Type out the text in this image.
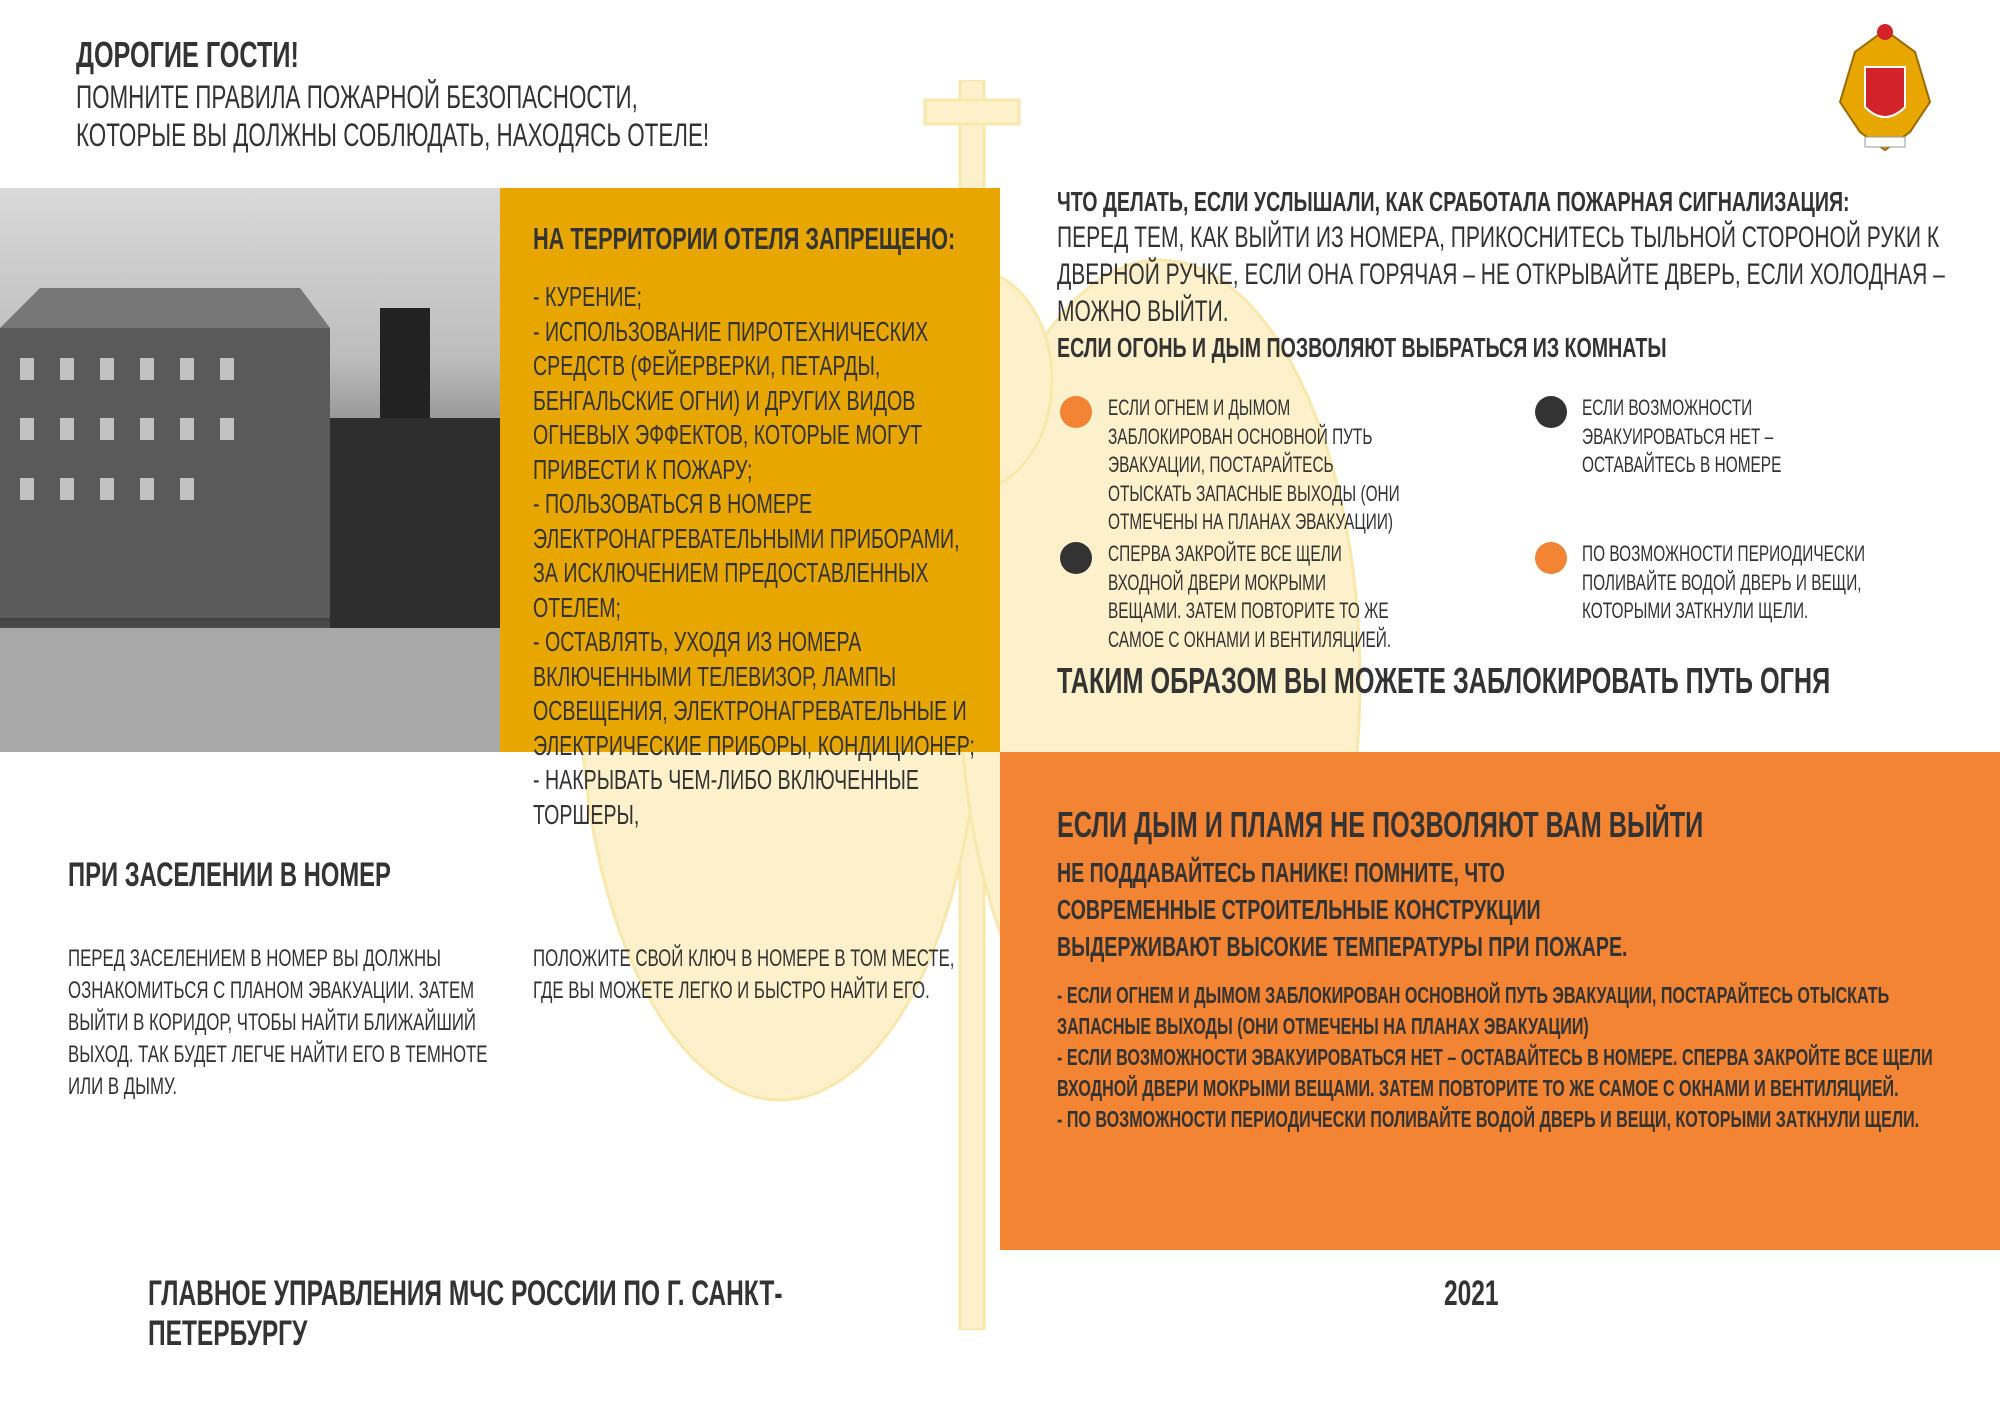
ДОРОГИЕ ГОСТИ!
ПОМНИТЕ ПРАВИЛА ПОЖАРНОЙ БЕЗОПАСНОСТИ,
КОТОРЫЕ ВЫ ДОЛЖНЫ СОБЛЮДАТЬ, НАХОДЯСЬ ОТЕЛЕ!
НА ТЕРРИТОРИИ ОТЕЛЯ ЗАПРЕЩЕНО:
- КУРЕНИЕ;
- ИСПОЛЬЗОВАНИЕ ПИРОТЕХНИЧЕСКИХ СРЕДСТВ (ФЕЙЕРВЕРКИ, ПЕТАРДЫ, БЕНГАЛЬСКИЕ ОГНИ) И ДРУГИХ ВИДОВ ОГНЕВЫХ ЭФФЕКТОВ, КОТОРЫЕ МОГУТ ПРИВЕСТИ К ПОЖАРУ;
- ПОЛЬЗОВАТЬСЯ В НОМЕРЕ ЭЛЕКТРОНАГРЕВАТЕЛЬНЫМИ ПРИБОРАМИ, ЗА ИСКЛЮЧЕНИЕМ ПРЕДОСТАВЛЕННЫХ ОТЕЛЕМ;
- ОСТАВЛЯТЬ, УХОДЯ ИЗ НОМЕРА ВКЛЮЧЕННЫМИ ТЕЛЕВИЗОР, ЛАМПЫ ОСВЕЩЕНИЯ, ЭЛЕКТРОНАГРЕВАТЕЛЬНЫЕ И ЭЛЕКТРИЧЕСКИЕ ПРИБОРЫ, КОНДИЦИОНЕР;
- НАКРЫВАТЬ ЧЕМ-ЛИБО ВКЛЮЧЕННЫЕ ТОРШЕРЫ,
ЧТО ДЕЛАТЬ, ЕСЛИ УСЛЫШАЛИ, КАК СРАБОТАЛА ПОЖАРНАЯ СИГНАЛИЗАЦИЯ:
ПЕРЕД ТЕМ, КАК ВЫЙТИ ИЗ НОМЕРА, ПРИКОСНИТЕСЬ ТЫЛЬНОЙ СТОРОНОЙ РУКИ К ДВЕРНОЙ РУЧКЕ, ЕСЛИ ОНА ГОРЯЧАЯ – НЕ ОТКРЫВАЙТЕ ДВЕРЬ, ЕСЛИ ХОЛОДНАЯ – МОЖНО ВЫЙТИ.
ЕСЛИ ОГОНЬ И ДЫМ ПОЗВОЛЯЮТ ВЫБРАТЬСЯ ИЗ КОМНАТЫ
ЕСЛИ ОГНЕМ И ДЫМОМ ЗАБЛОКИРОВАН ОСНОВНОЙ ПУТЬ ЭВАКУАЦИИ, ПОСТАРАЙТЕСЬ ОТЫСКАТЬ ЗАПАСНЫЕ ВЫХОДЫ (ОНИ ОТМЕЧЕНЫ НА ПЛАНАХ ЭВАКУАЦИИ)
ЕСЛИ ВОЗМОЖНОСТИ ЭВАКУИРОВАТЬСЯ НЕТ – ОСТАВАЙТЕСЬ В НОМЕРЕ
СПЕРВА ЗАКРОЙТЕ ВСЕ ЩЕЛИ ВХОДНОЙ ДВЕРИ МОКРЫМИ ВЕЩАМИ. ЗАТЕМ ПОВТОРИТЕ ТО ЖЕ САМОЕ С ОКНАМИ И ВЕНТИЛЯЦИЕЙ.
ПО ВОЗМОЖНОСТИ ПЕРИОДИЧЕСКИ ПОЛИВАЙТЕ ВОДОЙ ДВЕРЬ И ВЕЩИ, КОТОРЫМИ ЗАТКНУЛИ ЩЕЛИ.
ТАКИМ ОБРАЗОМ ВЫ МОЖЕТЕ ЗАБЛОКИРОВАТЬ ПУТЬ ОГНЯ
ПРИ ЗАСЕЛЕНИИ В НОМЕР
ПЕРЕД ЗАСЕЛЕНИЕМ В НОМЕР ВЫ ДОЛЖНЫ ОЗНАКОМИТЬСЯ С ПЛАНОМ ЭВАКУАЦИИ. ЗАТЕМ ВЫЙТИ В КОРИДОР, ЧТОБЫ НАЙТИ БЛИЖАЙШИЙ ВЫХОД. ТАК БУДЕТ ЛЕГЧЕ НАЙТИ ЕГО В ТЕМНОТЕ ИЛИ В ДЫМУ.
ПОЛОЖИТЕ СВОЙ КЛЮЧ В НОМЕРЕ В ТОМ МЕСТЕ, ГДЕ ВЫ МОЖЕТЕ ЛЕГКО И БЫСТРО НАЙТИ ЕГО.
ЕСЛИ ДЫМ И ПЛАМЯ НЕ ПОЗВОЛЯЮТ ВАМ ВЫЙТИ
НЕ ПОДДАВАЙТЕСЬ ПАНИКЕ! ПОМНИТЕ, ЧТО СОВРЕМЕННЫЕ СТРОИТЕЛЬНЫЕ КОНСТРУКЦИИ ВЫДЕРЖИВАЮТ ВЫСОКИЕ ТЕМПЕРАТУРЫ ПРИ ПОЖАРЕ.
- ЕСЛИ ОГНЕМ И ДЫМОМ ЗАБЛОКИРОВАН ОСНОВНОЙ ПУТЬ ЭВАКУАЦИИ, ПОСТАРАЙТЕСЬ ОТЫСКАТЬ ЗАПАСНЫЕ ВЫХОДЫ (ОНИ ОТМЕЧЕНЫ НА ПЛАНАХ ЭВАКУАЦИИ)
- ЕСЛИ ВОЗМОЖНОСТИ ЭВАКУИРОВАТЬСЯ НЕТ – ОСТАВАЙТЕСЬ В НОМЕРЕ. СПЕРВА ЗАКРОЙТЕ ВСЕ ЩЕЛИ ВХОДНОЙ ДВЕРИ МОКРЫМИ ВЕЩАМИ. ЗАТЕМ ПОВТОРИТЕ ТО ЖЕ САМОЕ С ОКНАМИ И ВЕНТИЛЯЦИЕЙ.
- ПО ВОЗМОЖНОСТИ ПЕРИОДИЧЕСКИ ПОЛИВАЙТЕ ВОДОЙ ДВЕРЬ И ВЕЩИ, КОТОРЫМИ ЗАТКНУЛИ ЩЕЛИ.
ГЛАВНОЕ УПРАВЛЕНИЯ МЧС РОССИИ ПО Г. САНКТ-ПЕТЕРБУРГУ
2021
